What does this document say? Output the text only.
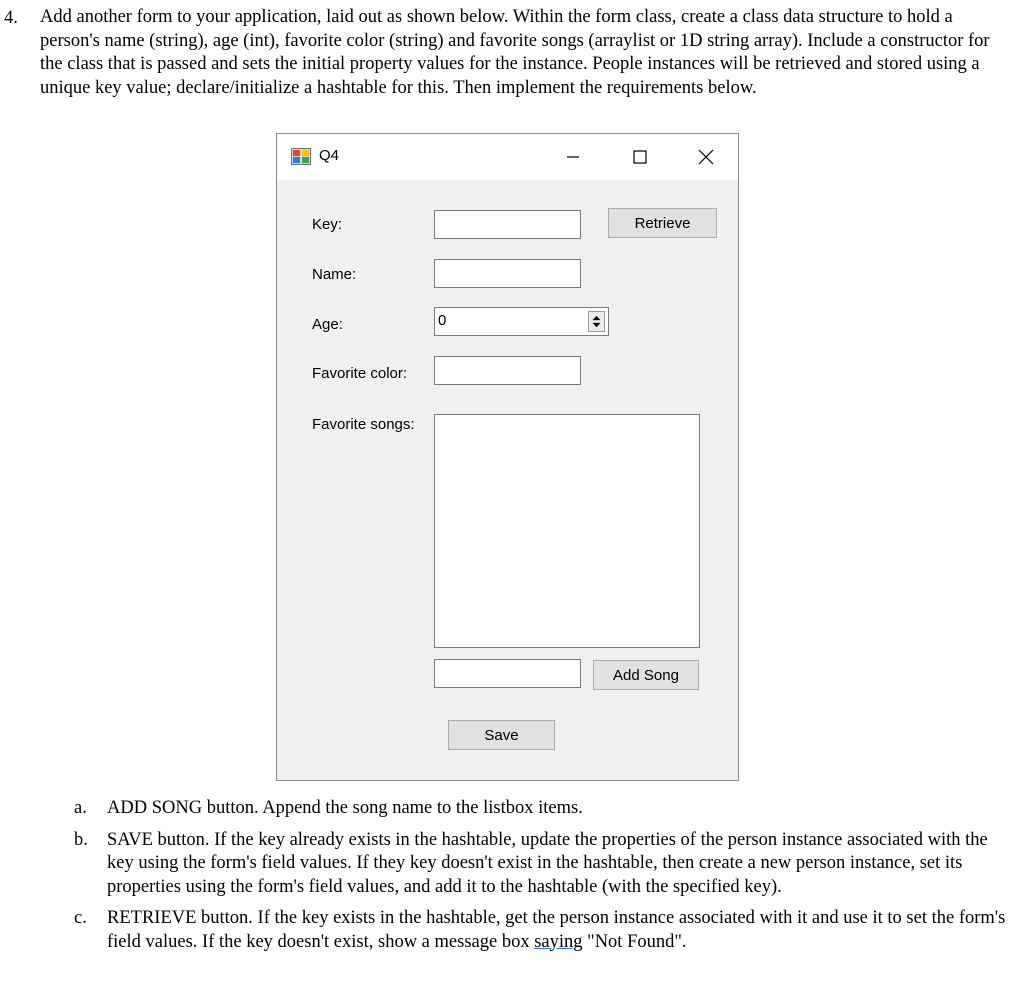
4. Add another form to your application, laid out as shown below. Within the form class, create a class data structure to hold a person's name (string), age (int), favorite color (string) and favorite songs (arraylist or 1D string array). Include a constructor for the class that is passed and sets the initial property values for the instance. People instances will be retrieved and stored using a unique key value; declare/initialize a hashtable for this. Then implement the requirements below.
Q4
Key:	Retrieve
Name:
Age:	0
Favorite color:
Favorite songs:
Add Song
Save
a. ADD SONG button. Append the song name to the listbox items.
b. SAVE button. If the key already exists in the hashtable, update the properties of the person instance associated with the key using the form's field values. If they key doesn't exist in the hashtable, then create a new person instance, set its properties using the form's field values, and add it to the hashtable (with the specified key).
c. RETRIEVE button. If the key exists in the hashtable, get the person instance associated with it and use it to set the form's field values. If the key doesn't exist, show a message box saying "Not Found".
